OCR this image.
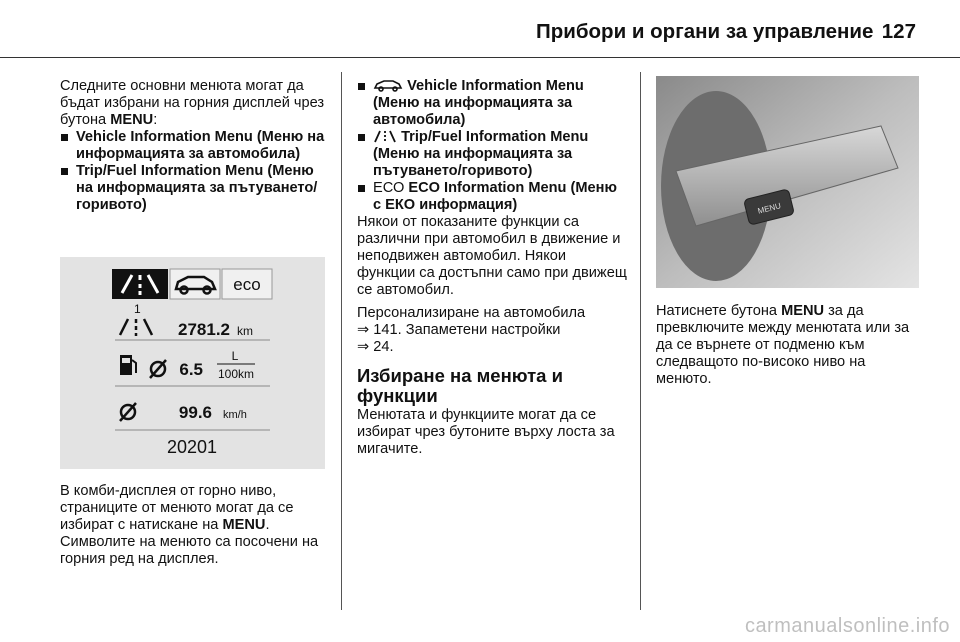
Прибори и органи за управление 127

Следните основни менюта могат да бъдат избрани на горния дисплей чрез бутона MENU:

Vehicle Information Menu (Меню на информацията за автомобила)

Trip/Fuel Information Menu (Меню на информацията за пътуването/ горивото)

eco
1
2781.2 km
6.5
L
100km
99.6 km/h
20201

В комби-дисплея от горно ниво, страниците от менюто могат да се избират с натискане на MENU. Символите на менюто са посочени на горния ред на дисплея.

Vehicle Information Menu (Меню на информацията за автомобила)

Trip/Fuel Information Menu (Меню на информацията за пътуването/горивото)

ЕСО ECO Information Menu (Меню с ЕКО информация)

Някои от показаните функции са различни при автомобил в движение и неподвижен автомобил. Някои функции са достъпни само при движещ се автомобил.

Персонализиране на автомобила
⇒ 141. Запаметени настройки
⇒ 24.

Избиране на менюта и функции

Менютата и функциите могат да се избират чрез бутоните върху лоста за мигачите.

MENU

Натиснете бутона MENU за да превключите между менютата или за да се върнете от подменю към следващото по-високо ниво на менюто.

carmanualsonline.info
